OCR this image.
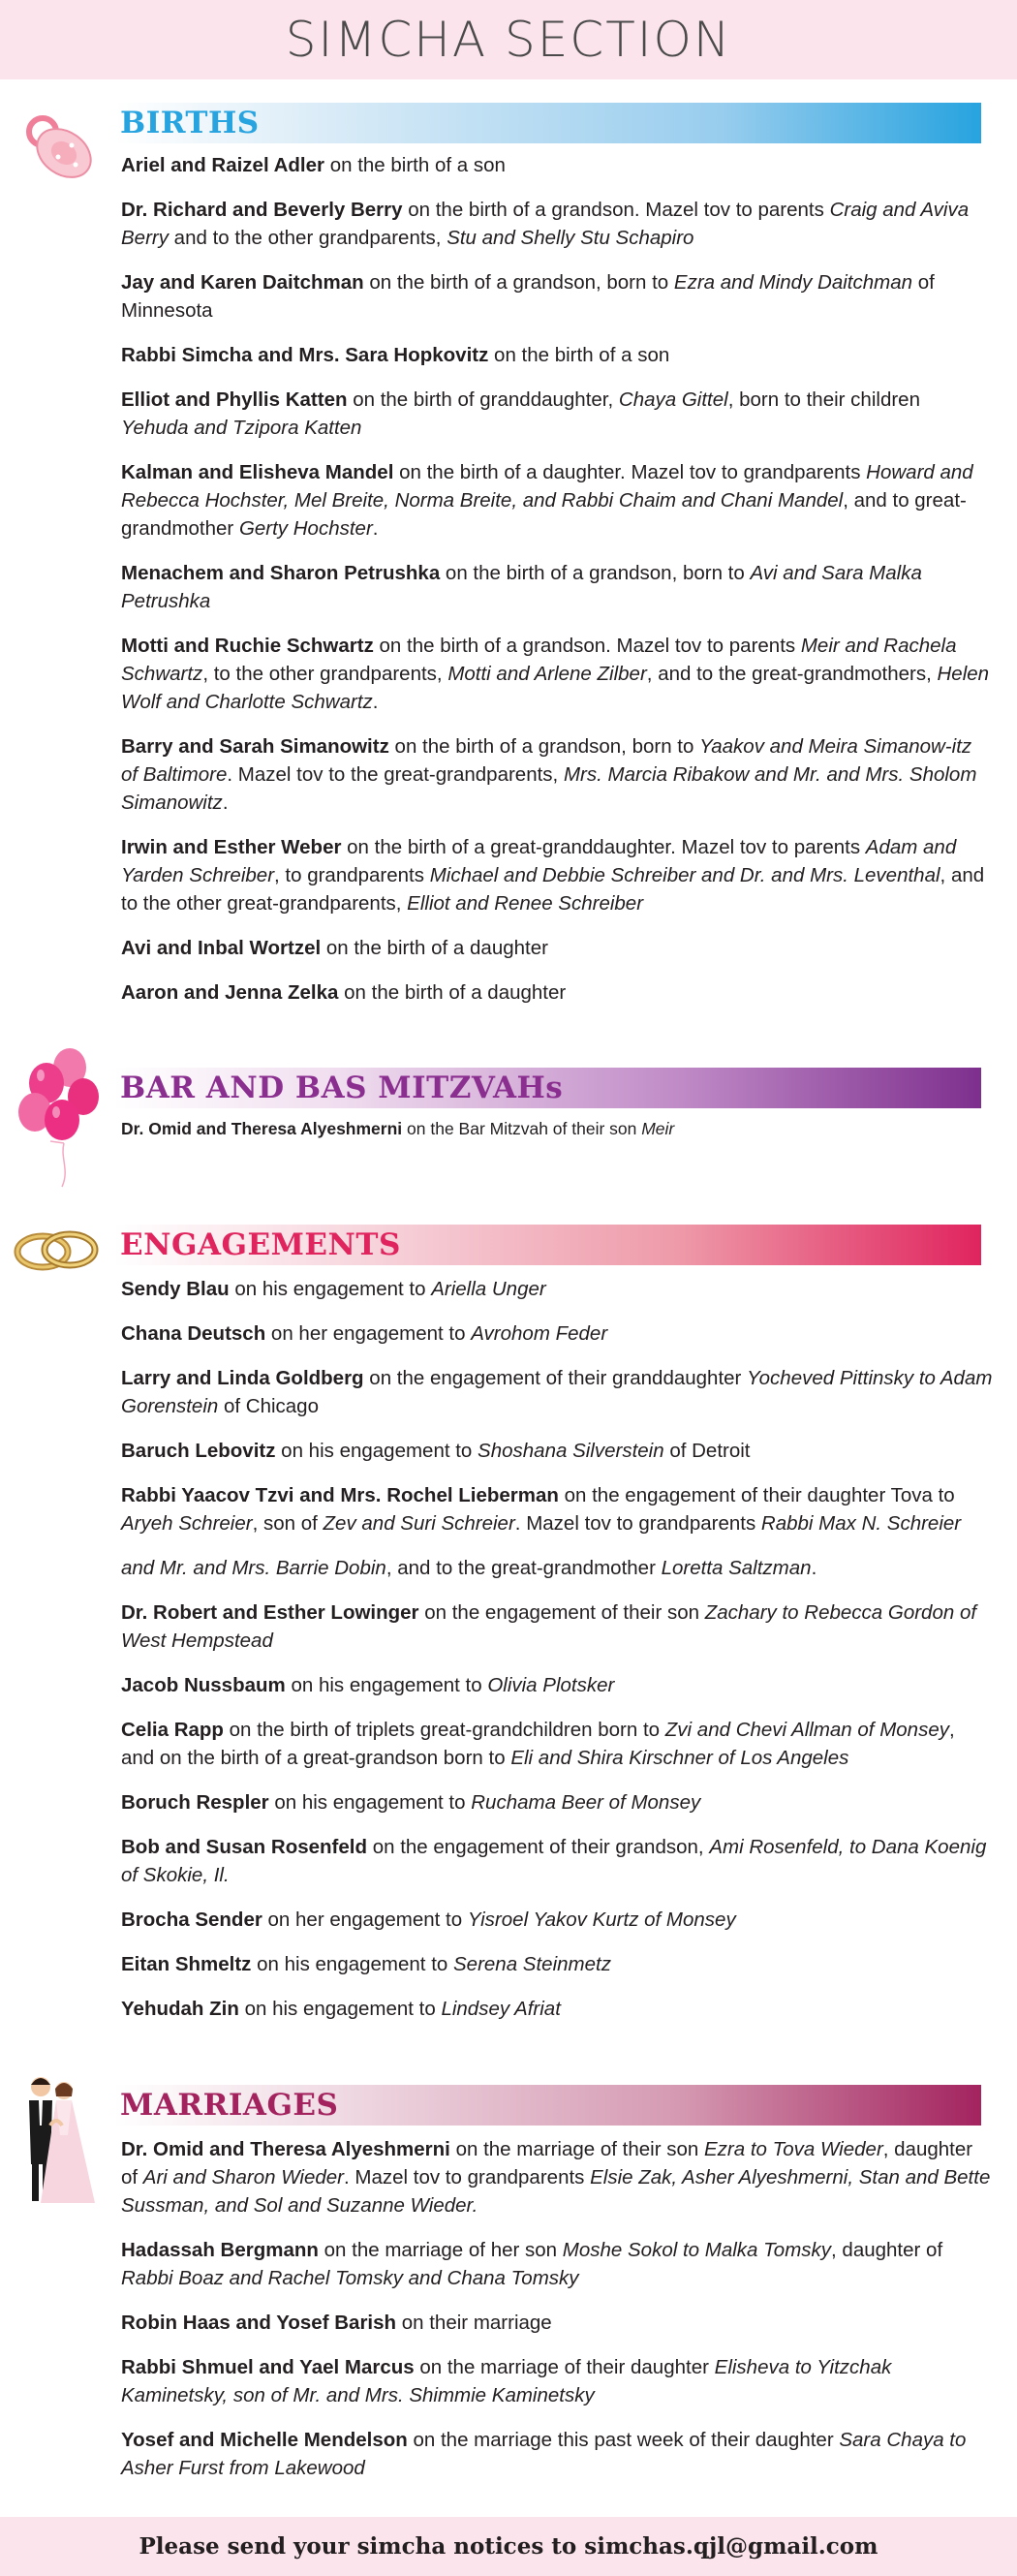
SIMCHA SECTION
BIRTHS

Ariel and Raizel Adler on the birth of a son

Dr. Richard and Beverly Berry on the birth of a grandson. Mazel tov to parents Craig and Aviva Berry and to the other grandparents, Stu and Shelly Stu Schapiro

Jay and Karen Daitchman on the birth of a grandson, born to Ezra and Mindy Daitchman of Minnesota

Rabbi Simcha and Mrs. Sara Hopkovitz on the birth of a son

Elliot and Phyllis Katten on the birth of granddaughter, Chaya Gittel, born to their children Yehuda and Tzipora Katten

Kalman and Elisheva Mandel on the birth of a daughter. Mazel tov to grandparents Howard and Rebecca Hochster, Mel Breite, Norma Breite, and Rabbi Chaim and Chani Mandel, and to great-grandmother Gerty Hochster.

Menachem and Sharon Petrushka on the birth of a grandson, born to Avi and Sara Malka Petrushka

Motti and Ruchie Schwartz on the birth of a grandson. Mazel tov to parents Meir and Rachela Schwartz, to the other grandparents, Motti and Arlene Zilber, and to the great-grandmothers, Helen Wolf and Charlotte Schwartz.

Barry and Sarah Simanowitz on the birth of a grandson, born to Yaakov and Meira Simanow-itz of Baltimore. Mazel tov to the great-grandparents, Mrs. Marcia Ribakow and Mr. and Mrs. Sholom Simanowitz.

Irwin and Esther Weber on the birth of a great-granddaughter. Mazel tov to parents Adam and Yarden Schreiber, to grandparents Michael and Debbie Schreiber and Dr. and Mrs. Leventhal, and to the other great-grandparents, Elliot and Renee Schreiber

Avi and Inbal Wortzel on the birth of a daughter

Aaron and Jenna Zelka on the birth of a daughter

BAR AND BAS MITZVAHs

Dr. Omid and Theresa Alyeshmerni on the Bar Mitzvah of their son Meir

ENGAGEMENTS

Sendy Blau on his engagement to Ariella Unger

Chana Deutsch on her engagement to Avrohom Feder

Larry and Linda Goldberg on the engagement of their granddaughter Yocheved Pittinsky to Adam Gorenstein of Chicago

Baruch Lebovitz on his engagement to Shoshana Silverstein of Detroit

Rabbi Yaacov Tzvi and Mrs. Rochel Lieberman on the engagement of their daughter Tova to Aryeh Schreier, son of Zev and Suri Schreier. Mazel tov to grandparents Rabbi Max N. Schreier

and Mr. and Mrs. Barrie Dobin, and to the great-grandmother Loretta Saltzman.

Dr. Robert and Esther Lowinger on the engagement of their son Zachary to Rebecca Gordon of West Hempstead

Jacob Nussbaum on his engagement to Olivia Plotsker

Celia Rapp on the birth of triplets great-grandchildren born to Zvi and Chevi Allman of Monsey, and on the birth of a great-grandson born to Eli and Shira Kirschner of Los Angeles

Boruch Respler on his engagement to Ruchama Beer of Monsey

Bob and Susan Rosenfeld on the engagement of their grandson, Ami Rosenfeld, to Dana Koenig of Skokie, Il.

Brocha Sender on her engagement to Yisroel Yakov Kurtz of Monsey

Eitan Shmeltz on his engagement to Serena Steinmetz

Yehudah Zin on his engagement to Lindsey Afriat

MARRIAGES

Dr. Omid and Theresa Alyeshmerni on the marriage of their son Ezra to Tova Wieder, daughter of Ari and Sharon Wieder. Mazel tov to grandparents Elsie Zak, Asher Alyeshmerni, Stan and Bette Sussman, and Sol and Suzanne Wieder.

Hadassah Bergmann on the marriage of her son Moshe Sokol to Malka Tomsky, daughter of Rabbi Boaz and Rachel Tomsky and Chana Tomsky

Robin Haas and Yosef Barish on their marriage

Rabbi Shmuel and Yael Marcus on the marriage of their daughter Elisheva to Yitzchak Kaminetsky, son of Mr. and Mrs. Shimmie Kaminetsky

Yosef and Michelle Mendelson on the marriage this past week of their daughter Sara Chaya to Asher Furst from Lakewood

Please send your simcha notices to simchas.qjl@gmail.com
